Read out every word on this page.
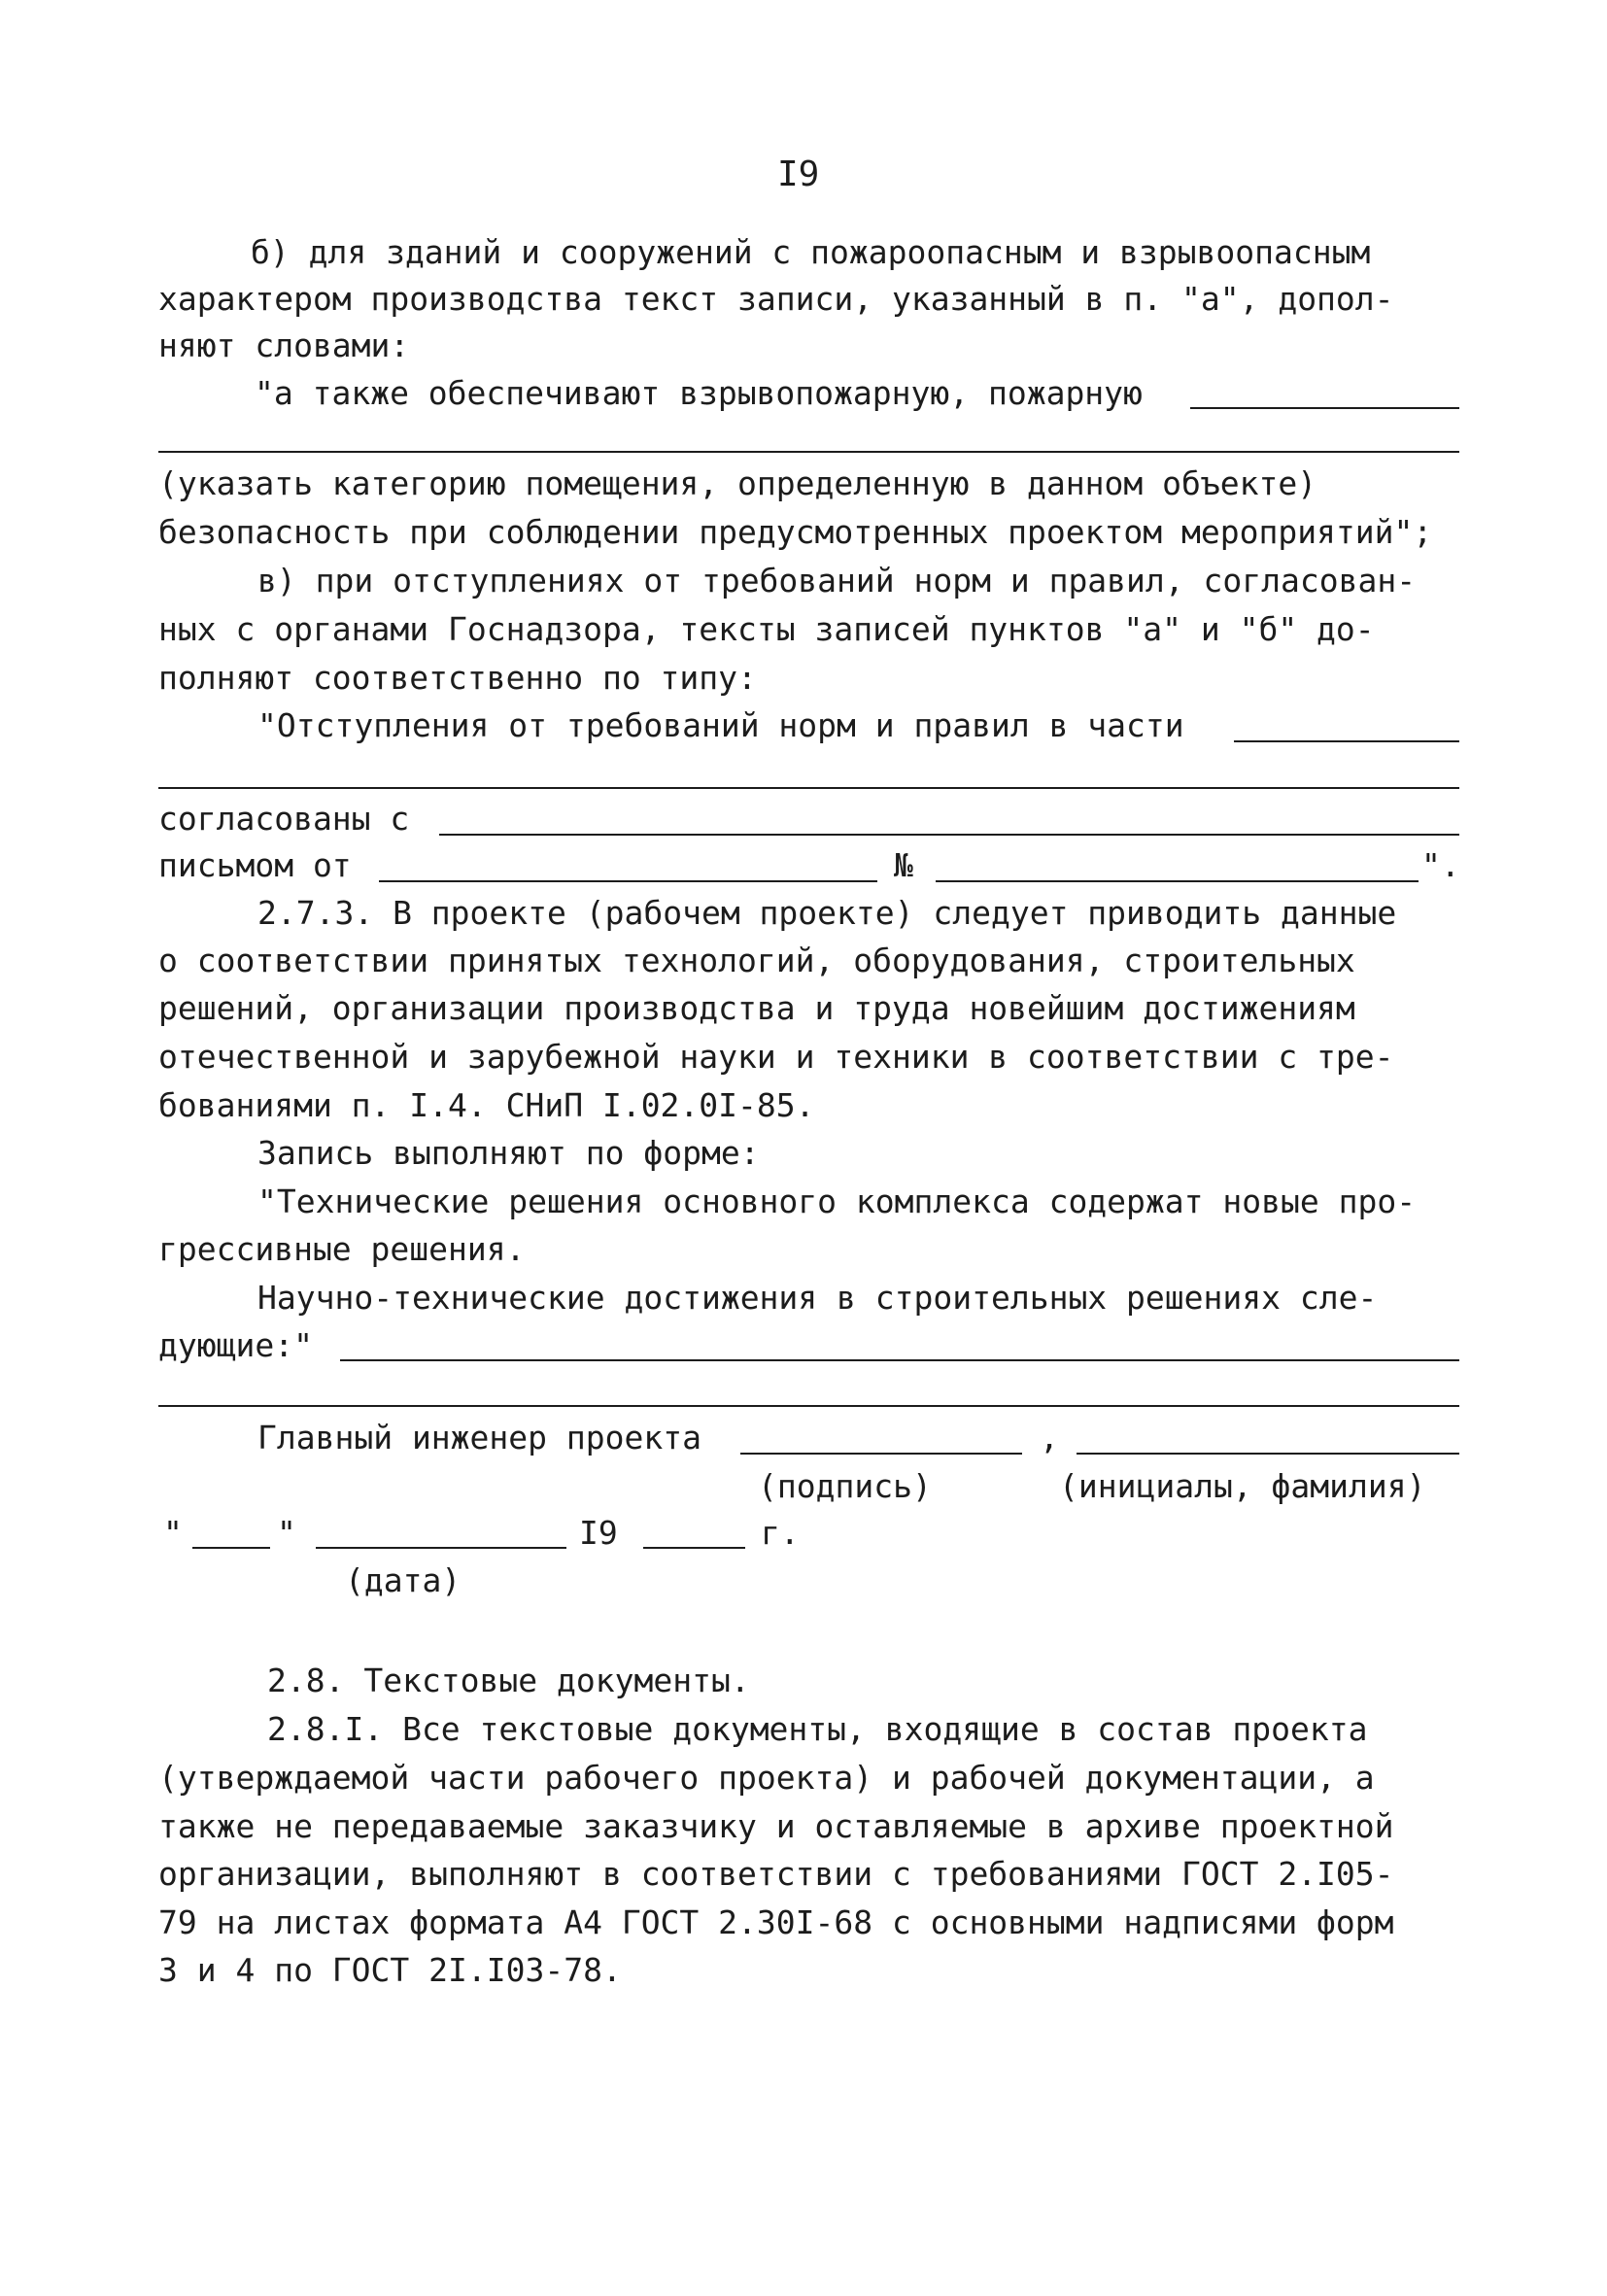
I9
б) для зданий и сооружений с пожароопасным и взрывоопасным
характером производства текст записи, указанный в п. "а", допол-
няют словами:
"а также обеспечивают взрывопожарную, пожарную
(указать категорию помещения, определенную в данном объекте)
безопасность при соблюдении предусмотренных проектом мероприятий";
в) при отступлениях от требований норм и правил, согласован-
ных с органами Госнадзора, тексты записей пунктов "а" и "б" до-
полняют соответственно по типу:
"Отступления от требований норм и правил в части
согласованы с
письмом от	№	".
2.7.3. В проекте (рабочем проекте) следует приводить данные
о соответствии принятых технологий, оборудования, строительных
решений, организации производства и труда новейшим достижениям
отечественной и зарубежной науки и техники в соответствии с тре-
бованиями п. I.4. СНиП I.02.0I-85.
Запись выполняют по форме:
"Технические решения основного комплекса содержат новые про-
грессивные решения.
Научно-технические достижения в строительных решениях сле-
дующие:"
Главный инженер проекта	,
(подпись)	(инициалы, фамилия)
"	"	I9	г.
(дата)
2.8. Текстовые документы.
2.8.I. Все текстовые документы, входящие в состав проекта
(утверждаемой части рабочего проекта) и рабочей документации, а
также не передаваемые заказчику и оставляемые в архиве проектной
организации, выполняют в соответствии с требованиями ГОСТ 2.I05-
79 на листах формата А4 ГОСТ 2.30I-68 с основными надписями форм
3 и 4 по ГОСТ 2I.I03-78.
